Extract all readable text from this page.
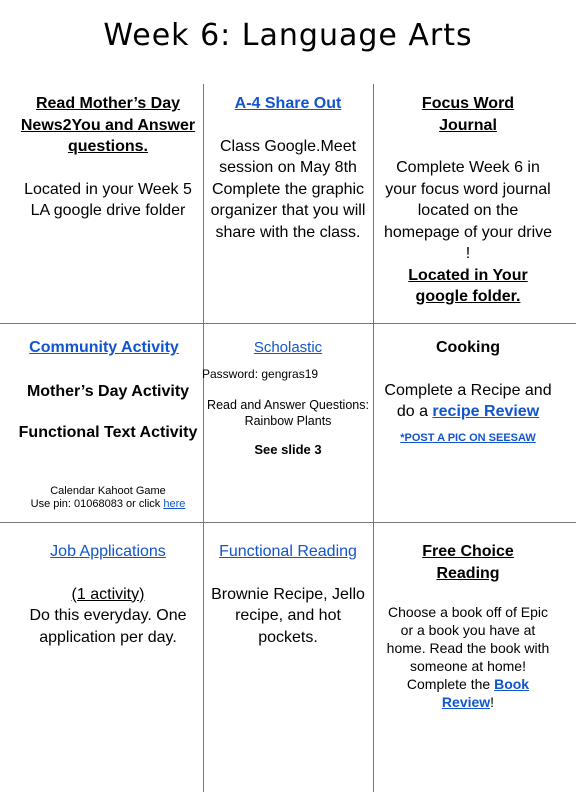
Week 6: Language Arts

Read Mother’s Day News2You and Answer questions.

Located in your Week 5 LA google drive folder

A-4 Share Out

Class Google.Meet session on May 8th Complete the graphic organizer that you will share with the class.

Focus Word Journal

Complete Week 6 in your focus word journal located on the homepage of your drive !

Located in Your google folder.

Community Activity

Mother’s Day Activity

Functional Text Activity

Calendar Kahoot Game
Use pin: 01068083 or click here

Scholastic

Password: gengras19

Read and Answer Questions: Rainbow Plants

See slide 3

Cooking

Complete a Recipe and do a recipe Review

*POST A PIC ON SEESAW

Job Applications

(1 activity)

Do this everyday. One application per day.

Functional Reading

Brownie Recipe, Jello recipe, and hot pockets.

Free Choice Reading

Choose a book off of Epic or a book you have at home. Read the book with someone at home! Complete the Book Review!
